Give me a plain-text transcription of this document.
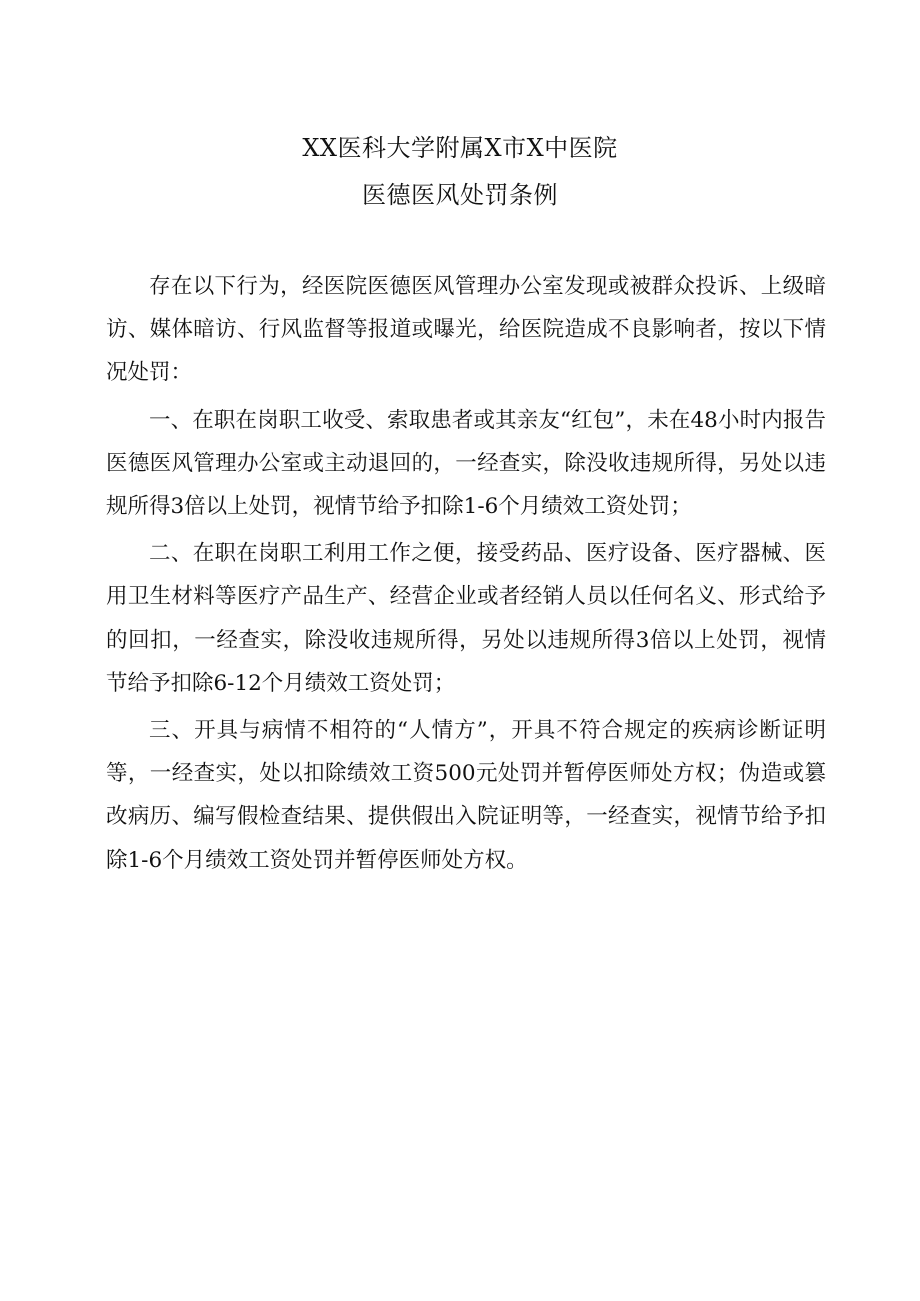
XX医科大学附属X市X中医院
医德医风处罚条例

存在以下行为，经医院医德医风管理办公室发现或被群众投诉、上级暗访、媒体暗访、行风监督等报道或曝光，给医院造成不良影响者，按以下情况处罚：

一、在职在岗职工收受、索取患者或其亲友“红包”，未在48小时内报告医德医风管理办公室或主动退回的，一经查实，除没收违规所得，另处以违规所得3倍以上处罚，视情节给予扣除1-6个月绩效工资处罚；

二、在职在岗职工利用工作之便，接受药品、医疗设备、医疗器械、医用卫生材料等医疗产品生产、经营企业或者经销人员以任何名义、形式给予的回扣，一经查实，除没收违规所得，另处以违规所得3倍以上处罚，视情节给予扣除6-12个月绩效工资处罚；

三、开具与病情不相符的“人情方”，开具不符合规定的疾病诊断证明等，一经查实，处以扣除绩效工资500元处罚并暂停医师处方权；伪造或篡改病历、编写假检查结果、提供假出入院证明等，一经查实，视情节给予扣除1-6个月绩效工资处罚并暂停医师处方权。
